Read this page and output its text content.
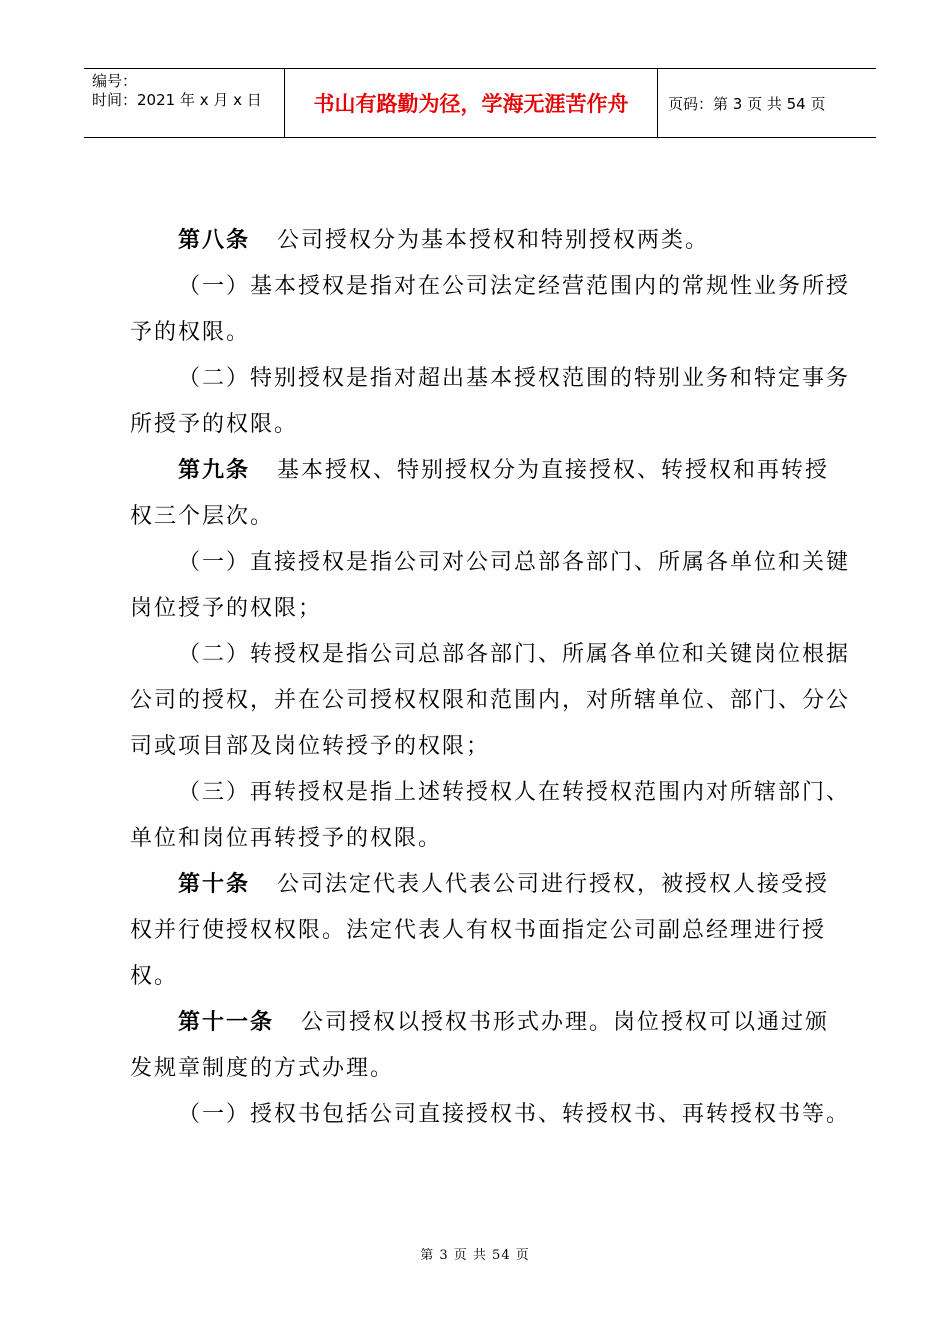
编号：
时间：2021 年 x 月 x 日	书山有路勤为径，学海无涯苦作舟	页码：第 3 页 共 54 页

第八条 公司授权分为基本授权和特别授权两类。

（一）基本授权是指对在公司法定经营范围内的常规性业务所授予的权限。

（二）特别授权是指对超出基本授权范围的特别业务和特定事务所授予的权限。

第九条 基本授权、特别授权分为直接授权、转授权和再转授权三个层次。

（一）直接授权是指公司对公司总部各部门、所属各单位和关键岗位授予的权限；

（二）转授权是指公司总部各部门、所属各单位和关键岗位根据公司的授权，并在公司授权权限和范围内，对所辖单位、部门、分公司或项目部及岗位转授予的权限；

（三）再转授权是指上述转授权人在转授权范围内对所辖部门、单位和岗位再转授予的权限。

第十条 公司法定代表人代表公司进行授权，被授权人接受授权并行使授权权限。法定代表人有权书面指定公司副总经理进行授权。

第十一条 公司授权以授权书形式办理。岗位授权可以通过颁发规章制度的方式办理。

（一）授权书包括公司直接授权书、转授权书、再转授权书等。

第 3 页 共 54 页
